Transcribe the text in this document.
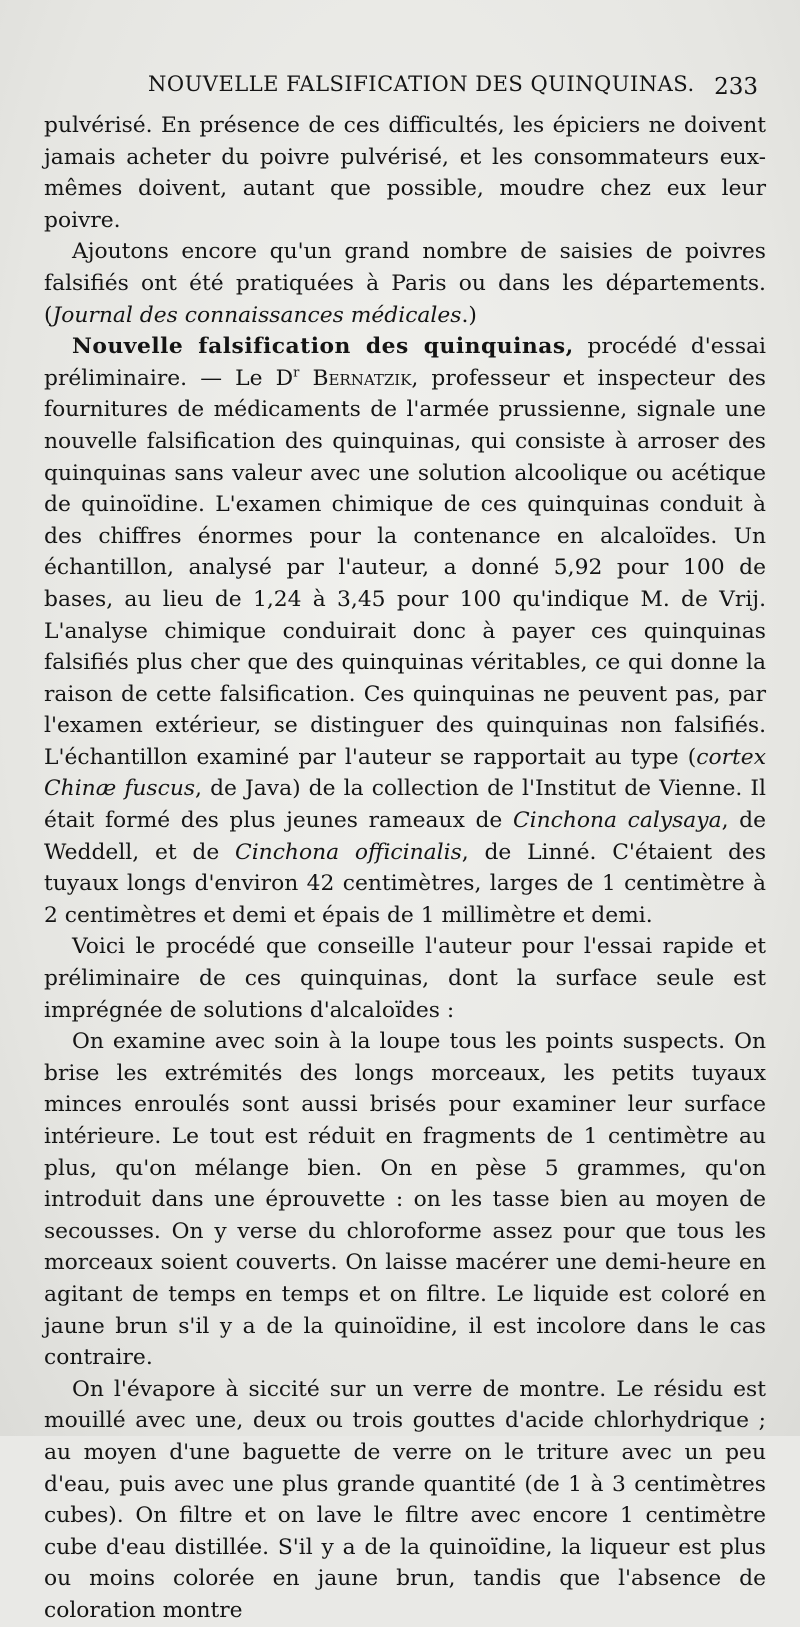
NOUVELLE FALSIFICATION DES QUINQUINAS. 233

pulvérisé. En présence de ces difficultés, les épiciers ne doivent jamais acheter du poivre pulvérisé, et les consommateurs eux-mêmes doivent, autant que possible, moudre chez eux leur poivre.

Ajoutons encore qu'un grand nombre de saisies de poivres falsifiés ont été pratiquées à Paris ou dans les départements. (Journal des connaissances médicales.)

Nouvelle falsification des quinquinas, procédé d'essai préliminaire. — Le $D^r$ Bernatzik, professeur et inspecteur des fournitures de médicaments de l'armée prussienne, signale une nouvelle falsification des quinquinas, qui consiste à arroser des quinquinas sans valeur avec une solution alcoolique ou acétique de quinoïdine. L'examen chimique de ces quinquinas conduit à des chiffres énormes pour la contenance en alcaloïdes. Un échantillon, analysé par l'auteur, a donné 5,92 pour 100 de bases, au lieu de 1,24 à 3,45 pour 100 qu'indique M. de Vrij. L'analyse chimique conduirait donc à payer ces quinquinas falsifiés plus cher que des quinquinas véritables, ce qui donne la raison de cette falsification. Ces quinquinas ne peuvent pas, par l'examen extérieur, se distinguer des quinquinas non falsifiés. L'échantillon examiné par l'auteur se rapportait au type (cortex Chinæ fuscus, de Java) de la collection de l'Institut de Vienne. Il était formé des plus jeunes rameaux de Cinchona calysaya, de Weddell, et de Cinchona officinalis, de Linné. C'étaient des tuyaux longs d'environ 42 centimètres, larges de 1 centimètre à 2 centimètres et demi et épais de 1 millimètre et demi.

Voici le procédé que conseille l'auteur pour l'essai rapide et préliminaire de ces quinquinas, dont la surface seule est imprégnée de solutions d'alcaloïdes :

On examine avec soin à la loupe tous les points suspects. On brise les extrémités des longs morceaux, les petits tuyaux minces enroulés sont aussi brisés pour examiner leur surface intérieure. Le tout est réduit en fragments de 1 centimètre au plus, qu'on mélange bien. On en pèse 5 grammes, qu'on introduit dans une éprouvette : on les tasse bien au moyen de secousses. On y verse du chloroforme assez pour que tous les morceaux soient couverts. On laisse macérer une demi-heure en agitant de temps en temps et on filtre. Le liquide est coloré en jaune brun s'il y a de la quinoïdine, il est incolore dans le cas contraire.

On l'évapore à siccité sur un verre de montre. Le résidu est mouillé avec une, deux ou trois gouttes d'acide chlorhydrique ; au moyen d'une baguette de verre on le triture avec un peu d'eau, puis avec une plus grande quantité (de 1 à 3 centimètres cubes). On filtre et on lave le filtre avec encore 1 centimètre cube d'eau distillée. S'il y a de la quinoïdine, la liqueur est plus ou moins colorée en jaune brun, tandis que l'absence de coloration montre
